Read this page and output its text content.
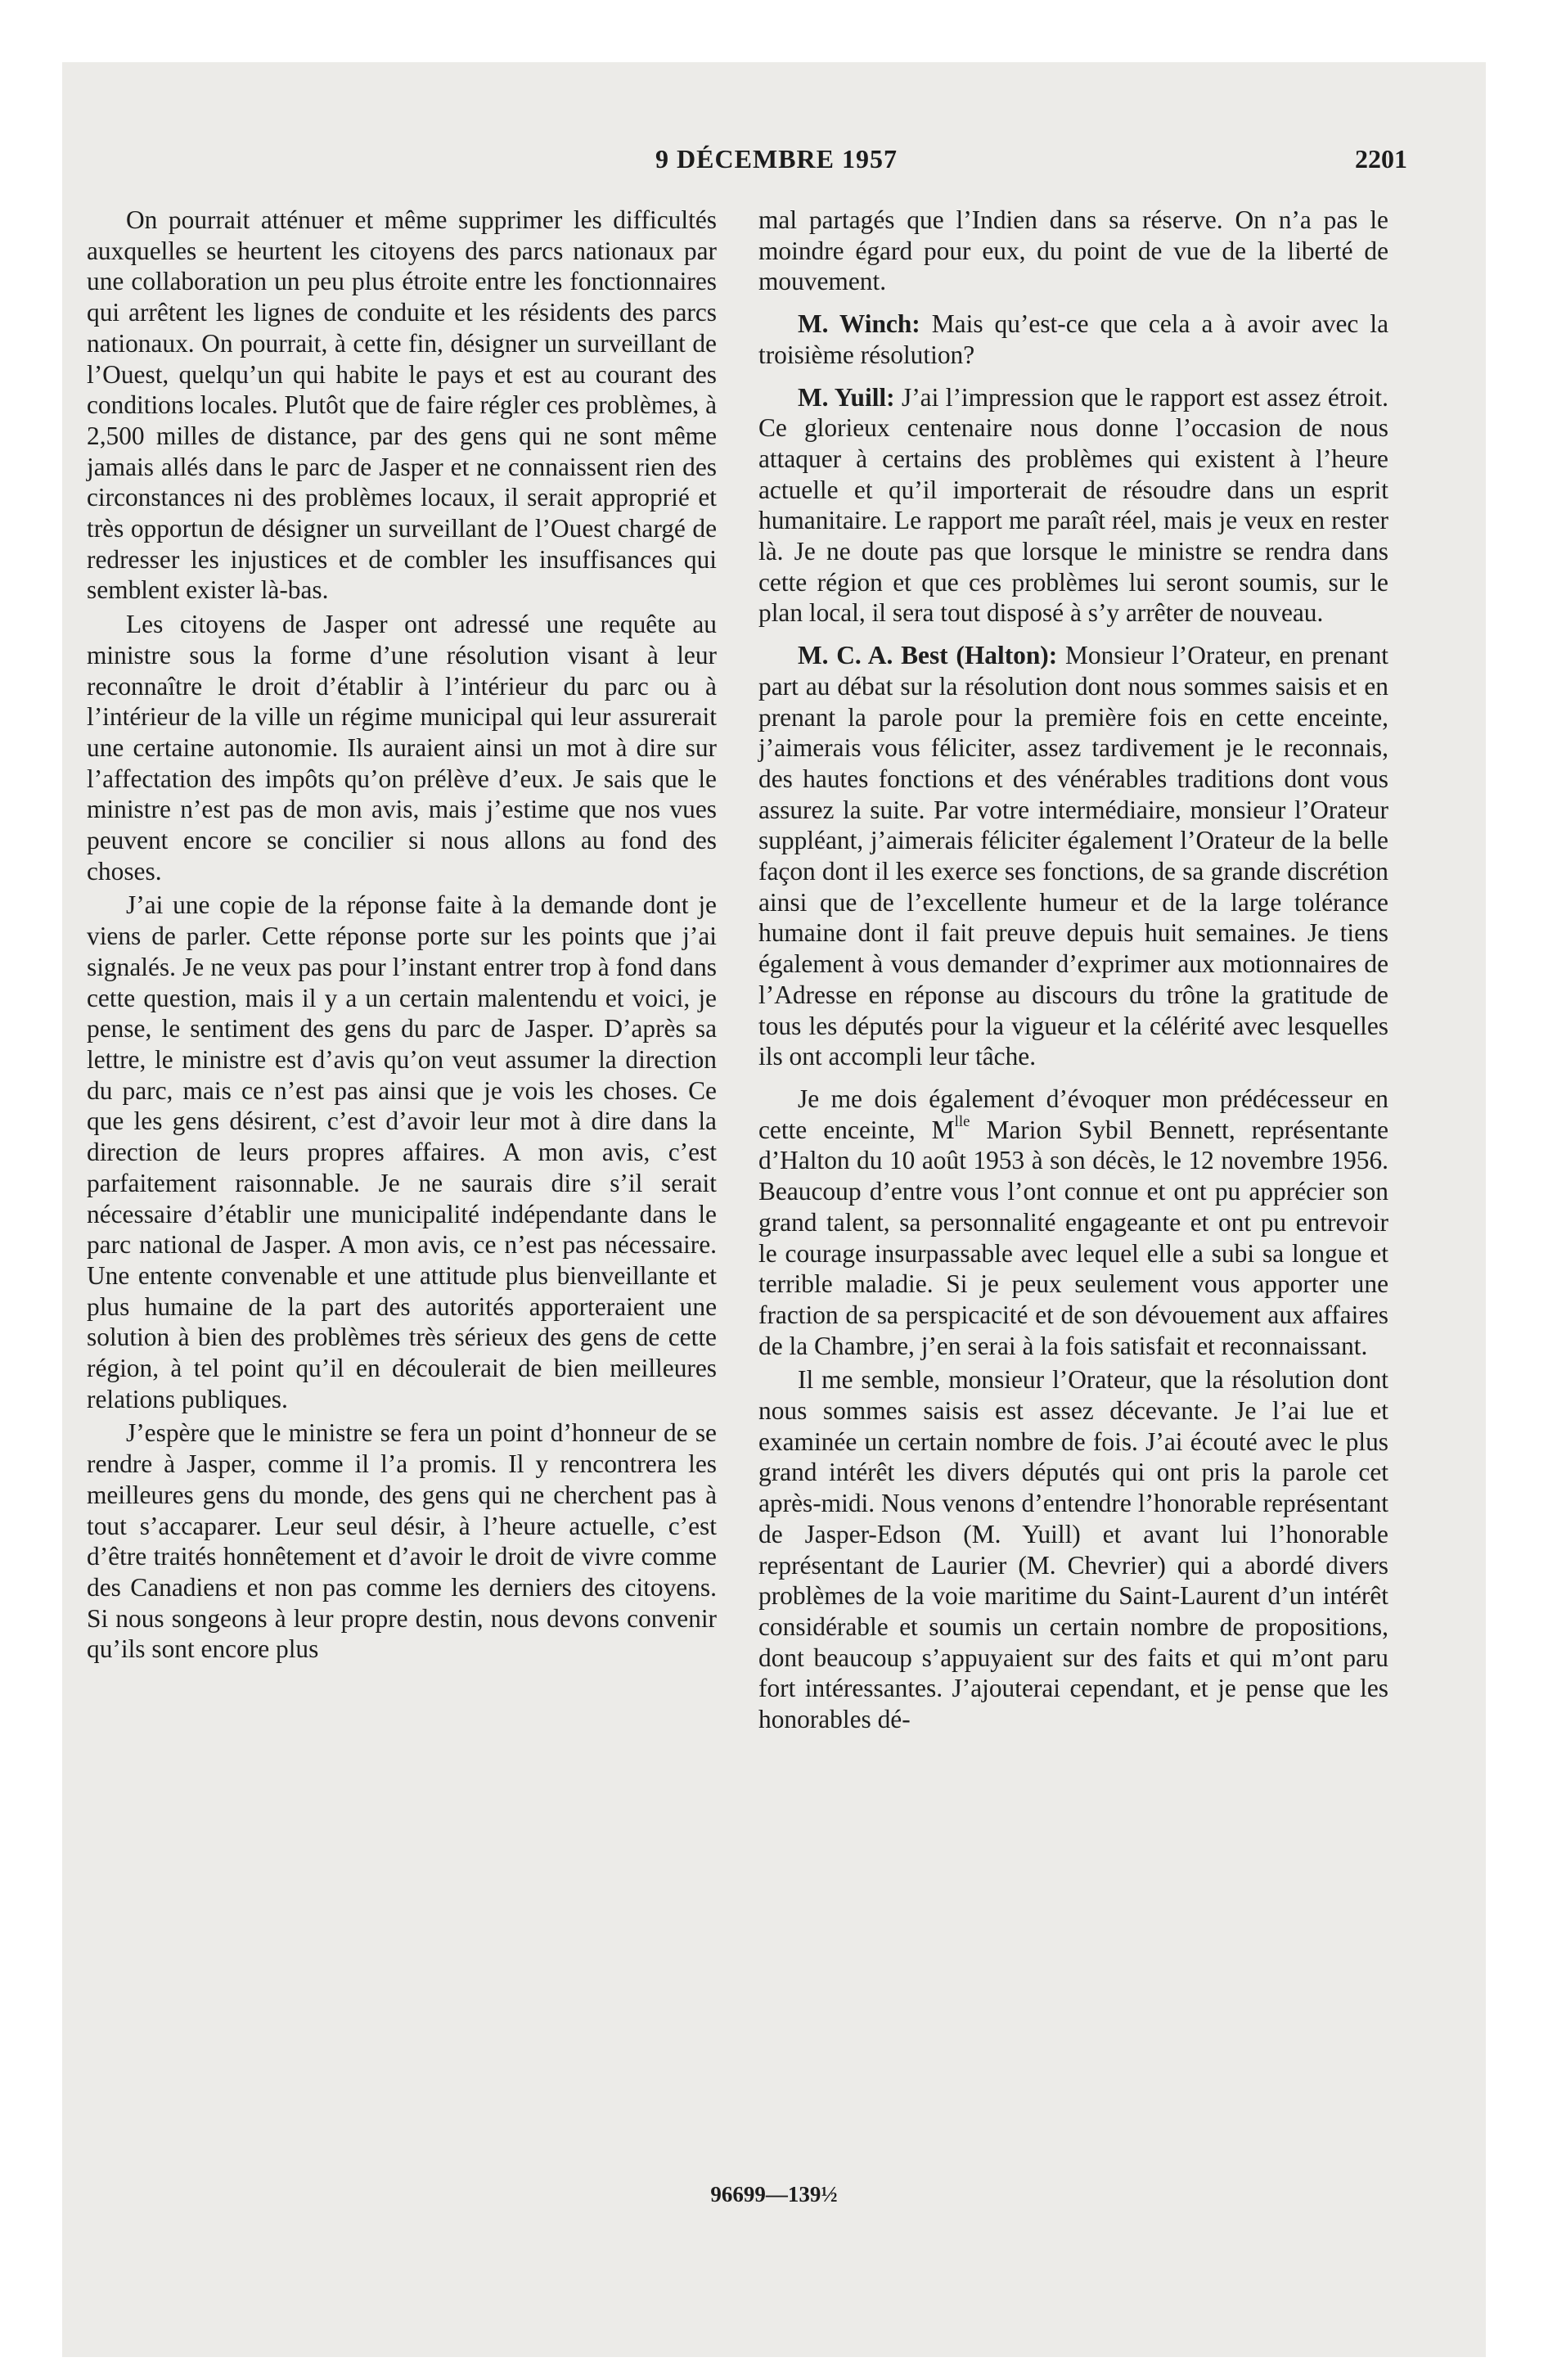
9 DÉCEMBRE 1957	2201

On pourrait atténuer et même supprimer les difficultés auxquelles se heurtent les citoyens des parcs nationaux par une collaboration un peu plus étroite entre les fonctionnaires qui arrêtent les lignes de conduite et les résidents des parcs nationaux. On pourrait, à cette fin, désigner un surveillant de l’Ouest, quelqu’un qui habite le pays et est au courant des conditions locales. Plutôt que de faire régler ces problèmes, à 2,500 milles de distance, par des gens qui ne sont même jamais allés dans le parc de Jasper et ne connaissent rien des circonstances ni des problèmes locaux, il serait approprié et très opportun de désigner un surveillant de l’Ouest chargé de redresser les injustices et de combler les insuffisances qui semblent exister là-bas.

Les citoyens de Jasper ont adressé une requête au ministre sous la forme d’une résolution visant à leur reconnaître le droit d’établir à l’intérieur du parc ou à l’intérieur de la ville un régime municipal qui leur assurerait une certaine autonomie. Ils auraient ainsi un mot à dire sur l’affectation des impôts qu’on prélève d’eux. Je sais que le ministre n’est pas de mon avis, mais j’estime que nos vues peuvent encore se concilier si nous allons au fond des choses.

J’ai une copie de la réponse faite à la demande dont je viens de parler. Cette réponse porte sur les points que j’ai signalés. Je ne veux pas pour l’instant entrer trop à fond dans cette question, mais il y a un certain malentendu et voici, je pense, le sentiment des gens du parc de Jasper. D’après sa lettre, le ministre est d’avis qu’on veut assumer la direction du parc, mais ce n’est pas ainsi que je vois les choses. Ce que les gens désirent, c’est d’avoir leur mot à dire dans la direction de leurs propres affaires. A mon avis, c’est parfaitement raisonnable. Je ne saurais dire s’il serait nécessaire d’établir une municipalité indépendante dans le parc national de Jasper. A mon avis, ce n’est pas nécessaire. Une entente convenable et une attitude plus bienveillante et plus humaine de la part des autorités apporteraient une solution à bien des problèmes très sérieux des gens de cette région, à tel point qu’il en découlerait de bien meilleures relations publiques.

J’espère que le ministre se fera un point d’honneur de se rendre à Jasper, comme il l’a promis. Il y rencontrera les meilleures gens du monde, des gens qui ne cherchent pas à tout s’accaparer. Leur seul désir, à l’heure actuelle, c’est d’être traités honnêtement et d’avoir le droit de vivre comme des Canadiens et non pas comme les derniers des citoyens. Si nous songeons à leur propre destin, nous devons convenir qu’ils sont encore plus

mal partagés que l’Indien dans sa réserve. On n’a pas le moindre égard pour eux, du point de vue de la liberté de mouvement.

M. Winch: Mais qu’est-ce que cela a à avoir avec la troisième résolution?

M. Yuill: J’ai l’impression que le rapport est assez étroit. Ce glorieux centenaire nous donne l’occasion de nous attaquer à certains des problèmes qui existent à l’heure actuelle et qu’il importerait de résoudre dans un esprit humanitaire. Le rapport me paraît réel, mais je veux en rester là. Je ne doute pas que lorsque le ministre se rendra dans cette région et que ces problèmes lui seront soumis, sur le plan local, il sera tout disposé à s’y arrêter de nouveau.

M. C. A. Best (Halton): Monsieur l’Orateur, en prenant part au débat sur la résolution dont nous sommes saisis et en prenant la parole pour la première fois en cette enceinte, j’aimerais vous féliciter, assez tardivement je le reconnais, des hautes fonctions et des vénérables traditions dont vous assurez la suite. Par votre intermédiaire, monsieur l’Orateur suppléant, j’aimerais féliciter également l’Orateur de la belle façon dont il les exerce ses fonctions, de sa grande discrétion ainsi que de l’excellente humeur et de la large tolérance humaine dont il fait preuve depuis huit semaines. Je tiens également à vous demander d’exprimer aux motionnaires de l’Adresse en réponse au discours du trône la gratitude de tous les députés pour la vigueur et la célérité avec lesquelles ils ont accompli leur tâche.

Je me dois également d’évoquer mon prédécesseur en cette enceinte, $M^{lle}$ Marion Sybil Bennett, représentante d’Halton du 10 août 1953 à son décès, le 12 novembre 1956. Beaucoup d’entre vous l’ont connue et ont pu apprécier son grand talent, sa personnalité engageante et ont pu entrevoir le courage insurpassable avec lequel elle a subi sa longue et terrible maladie. Si je peux seulement vous apporter une fraction de sa perspicacité et de son dévouement aux affaires de la Chambre, j’en serai à la fois satisfait et reconnaissant.

Il me semble, monsieur l’Orateur, que la résolution dont nous sommes saisis est assez décevante. Je l’ai lue et examinée un certain nombre de fois. J’ai écouté avec le plus grand intérêt les divers députés qui ont pris la parole cet après-midi. Nous venons d’entendre l’honorable représentant de Jasper-Edson (M. Yuill) et avant lui l’honorable représentant de Laurier (M. Chevrier) qui a abordé divers problèmes de la voie maritime du Saint-Laurent d’un intérêt considérable et soumis un certain nombre de propositions, dont beaucoup s’appuyaient sur des faits et qui m’ont paru fort intéressantes. J’ajouterai cependant, et je pense que les honorables dé-

96699—139½
